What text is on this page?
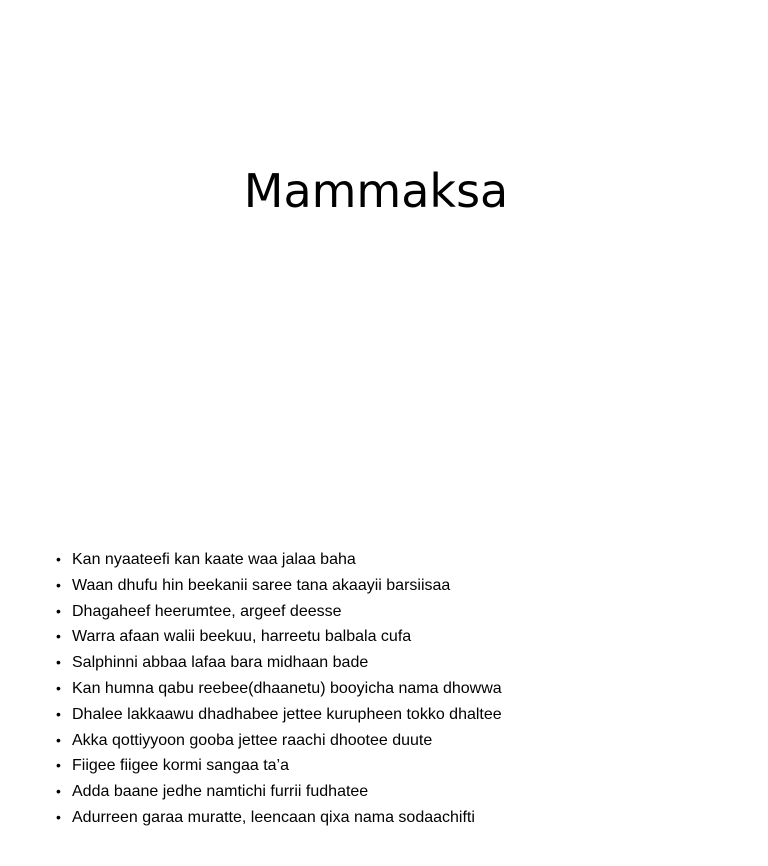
Mammaksa
• Kan nyaateefi kan kaate waa jalaa baha
• Waan dhufu hin beekanii saree tana akaayii barsiisaa
• Dhagaheef heerumtee, argeef deesse
• Warra afaan walii beekuu, harreetu balbala cufa
• Salphinni abbaa lafaa bara midhaan bade
• Kan humna qabu reebee(dhaanetu) booyicha nama dhowwa
• Dhalee lakkaawu dhadhabee jettee kurupheen tokko dhaltee
• Akka qottiyyoon gooba jettee raachi dhootee duute
• Fiigee fiigee kormi sangaa ta’a
• Adda baane jedhe namtichi furrii fudhatee
• Adurreen garaa muratte, leencaan qixa nama sodaachifti
